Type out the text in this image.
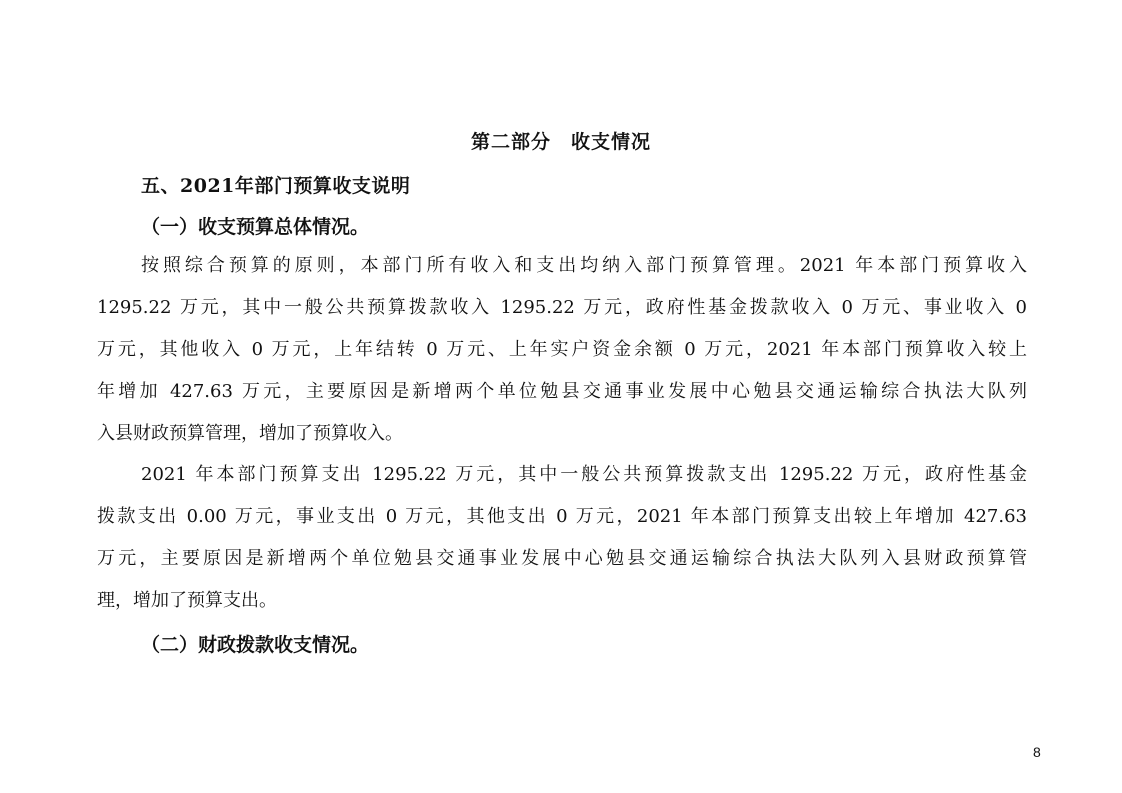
第二部分　收支情况
五、2021年部门预算收支说明
（一）收支预算总体情况。
按照综合预算的原则，本部门所有收入和支出均纳入部门预算管理。2021 年本部门预算收入
1295.22 万元，其中一般公共预算拨款收入 1295.22 万元，政府性基金拨款收入 0 万元、事业收入 0
万元，其他收入 0 万元，上年结转 0 万元、上年实户资金余额 0 万元，2021 年本部门预算收入较上
年增加 427.63 万元，主要原因是新增两个单位勉县交通事业发展中心勉县交通运输综合执法大队列
入县财政预算管理，增加了预算收入。
2021 年本部门预算支出 1295.22 万元，其中一般公共预算拨款支出 1295.22 万元，政府性基金
拨款支出 0.00 万元，事业支出 0 万元，其他支出 0 万元，2021 年本部门预算支出较上年增加 427.63
万元，主要原因是新增两个单位勉县交通事业发展中心勉县交通运输综合执法大队列入县财政预算管
理，增加了预算支出。
（二）财政拨款收支情况。
8
